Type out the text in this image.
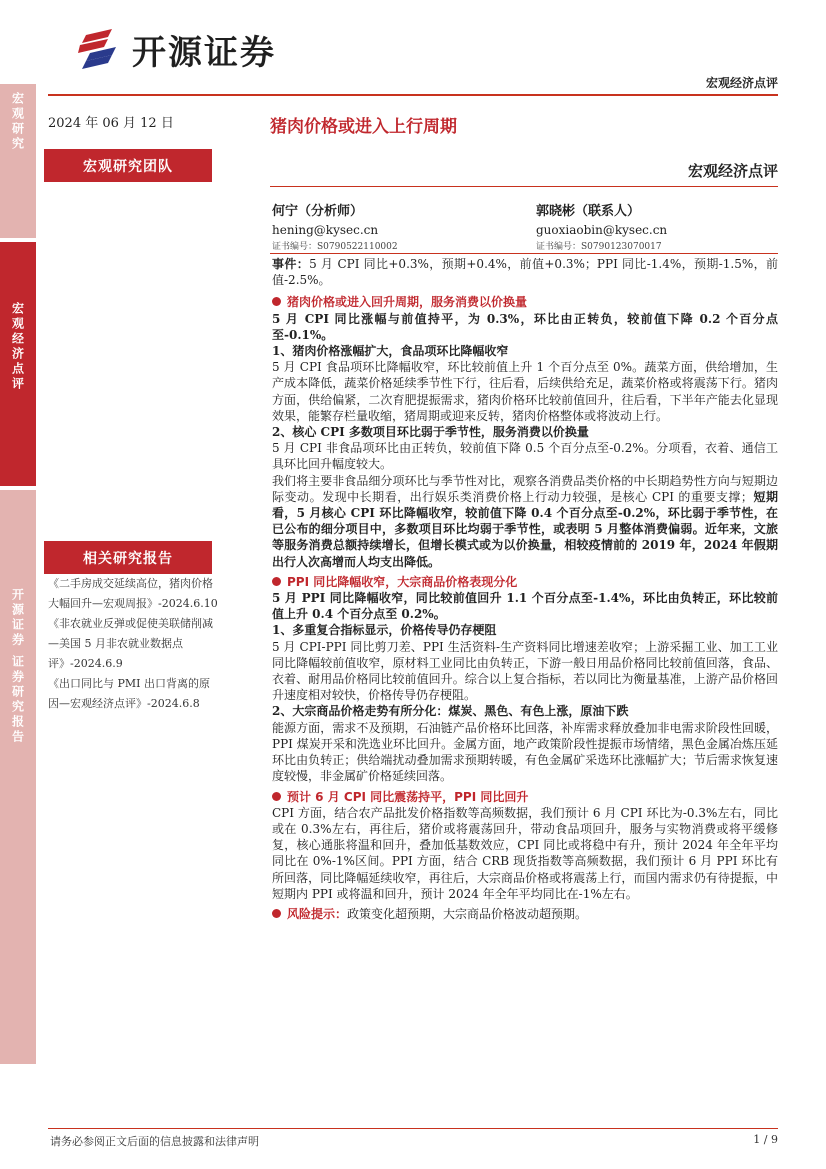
开源证券
宏观经济点评
宏观研究
宏观经济点评
开源证券 证券研究报告
2024 年 06 月 12 日
宏观研究团队
相关研究报告
《二手房成交延续高位，猪肉价格大幅回升—宏观周报》-2024.6.10
《非农就业反弹或促使美联储削减—美国 5 月非农就业数据点评》-2024.6.9
《出口同比与 PMI 出口背离的原因—宏观经济点评》-2024.6.8
猪肉价格或进入上行周期
宏观经济点评
何宁（分析师）
hening@kysec.cn
证书编号：S0790522110002
郭晓彬（联系人）
guoxiaobin@kysec.cn
证书编号：S0790123070017

事件：5 月 CPI 同比+0.3%，预期+0.4%，前值+0.3%；PPI 同比-1.4%，预期-1.5%，前值-2.5%。

猪肉价格或进入回升周期，服务消费以价换量

5 月 CPI 同比涨幅与前值持平，为 0.3%，环比由正转负，较前值下降 0.2 个百分点至-0.1%。

1、猪肉价格涨幅扩大，食品项环比降幅收窄

5 月 CPI 食品项环比降幅收窄，环比较前值上升 1 个百分点至 0%。蔬菜方面，供给增加，生产成本降低，蔬菜价格延续季节性下行，往后看，后续供给充足，蔬菜价格或将震荡下行。猪肉方面，供给偏紧，二次育肥提振需求，猪肉价格环比较前值回升，往后看，下半年产能去化显现效果，能繁存栏量收缩，猪周期或迎来反转，猪肉价格整体或将波动上行。

2、核心 CPI 多数项目环比弱于季节性，服务消费以价换量

5 月 CPI 非食品项环比由正转负，较前值下降 0.5 个百分点至-0.2%。分项看，衣着、通信工具环比回升幅度较大。

我们将主要非食品细分项环比与季节性对比，观察各消费品类价格的中长期趋势性方向与短期边际变动。发现中长期看，出行娱乐类消费价格上行动力较强，是核心 CPI 的重要支撑；短期看，5 月核心 CPI 环比降幅收窄，较前值下降 0.4 个百分点至-0.2%，环比弱于季节性，在已公布的细分项目中，多数项目环比均弱于季节性，或表明 5 月整体消费偏弱。近年来，文旅等服务消费总额持续增长，但增长模式或为以价换量，相较疫情前的 2019 年，2024 年假期出行人次高增而人均支出降低。

PPI 同比降幅收窄，大宗商品价格表现分化

5 月 PPI 同比降幅收窄，同比较前值回升 1.1 个百分点至-1.4%，环比由负转正，环比较前值上升 0.4 个百分点至 0.2%。

1、多重复合指标显示，价格传导仍存梗阻

5 月 CPI-PPI 同比剪刀差、PPI 生活资料-生产资料同比增速差收窄；上游采掘工业、加工工业同比降幅较前值收窄，原材料工业同比由负转正，下游一般日用品价格同比较前值回落，食品、衣着、耐用品价格同比较前值回升。综合以上复合指标，若以同比为衡量基准，上游产品价格回升速度相对较快，价格传导仍存梗阻。

2、大宗商品价格走势有所分化：煤炭、黑色、有色上涨，原油下跌

能源方面，需求不及预期，石油链产品价格环比回落，补库需求释放叠加非电需求阶段性回暖，PPI 煤炭开采和洗选业环比回升。金属方面，地产政策阶段性提振市场情绪，黑色金属冶炼压延环比由负转正；供给端扰动叠加需求预期转暖，有色金属矿采选环比涨幅扩大；节后需求恢复速度较慢，非金属矿价格延续回落。

预计 6 月 CPI 同比震荡持平，PPI 同比回升

CPI 方面，结合农产品批发价格指数等高频数据，我们预计 6 月 CPI 环比为-0.3%左右，同比或在 0.3%左右，再往后，猪价或将震荡回升，带动食品项回升，服务与实物消费或将平缓修复，核心通胀将温和回升，叠加低基数效应，CPI 同比或将稳中有升，预计 2024 年全年平均同比在 0%-1%区间。PPI 方面，结合 CRB 现货指数等高频数据，我们预计 6 月 PPI 环比有所回落，同比降幅延续收窄，再往后，大宗商品价格或将震荡上行，而国内需求仍有待提振，中短期内 PPI 或将温和回升，预计 2024 年全年平均同比在-1%左右。

风险提示：政策变化超预期，大宗商品价格波动超预期。
请务必参阅正文后面的信息披露和法律声明	1 / 9
